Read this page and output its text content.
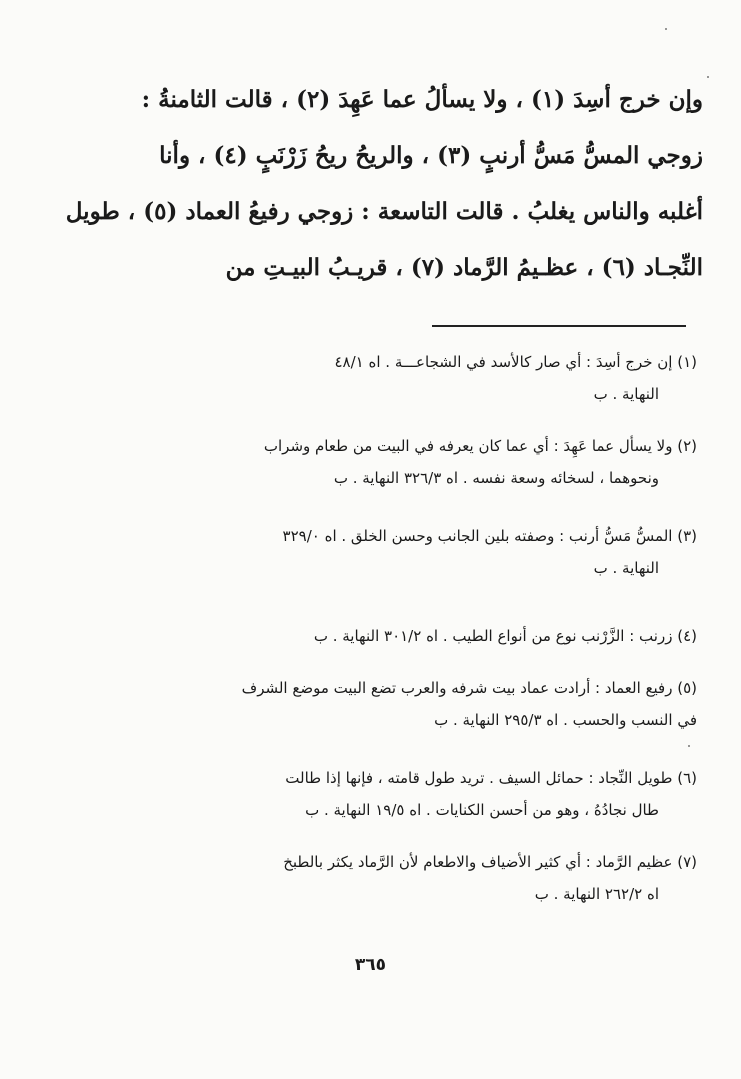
وإن خرج أسِدَ (١) ، ولا يسألُ عما عَهِدَ (٢) ، قالت الثامنةُ :
زوجي المسُّ مَسُّ أرنبٍ (٣) ، والريحُ ريحُ زَرْنَبٍ (٤) ، وأنا
أغلبه والناس يغلبُ . قالت التاسعة : زوجي رفيعُ العماد (٥) ، طويل
النِّجـاد (٦) ، عظـيمُ الرَّماد (٧) ، قريـبُ البيـتِ من
(١) إن خرج أسِدَ : أي صار كالأسد في الشجاعـــة . اه ٤٨/١
النهاية . ب
(٢) ولا يسأل عما عَهِدَ : أي عما كان يعرفه في البيت من طعام وشراب
ونحوهما ، لسخائه وسعة نفسه . اه ٣٢٦/٣ النهاية . ب
(٣) المسُّ مَسُّ أرنب : وصفته بلين الجانب وحسن الخلق . اه ٣٢٩/٠
النهاية . ب
(٤) زرنب : الزَّرْنب نوع من أنواع الطيب . اه ٣٠١/٢ النهاية . ب
(٥) رفيع العماد : أرادت عماد بيت شرفه والعرب تضع البيت موضع الشرف
في النسب والحسب . اه ٢٩٥/٣ النهاية . ب
(٦) طويل النِّجاد : حمائل السيف . تريد طول قامته ، فإنها إذا طالت
طال نجادُهُ ، وهو من أحسن الكنايات . اه ١٩/٥ النهاية . ب
(٧) عظيم الرَّماد : أي كثير الأضياف والاطعام لأن الرَّماد يكثر بالطبخ
اه ٢٦٢/٢ النهاية . ب
٣٦٥
